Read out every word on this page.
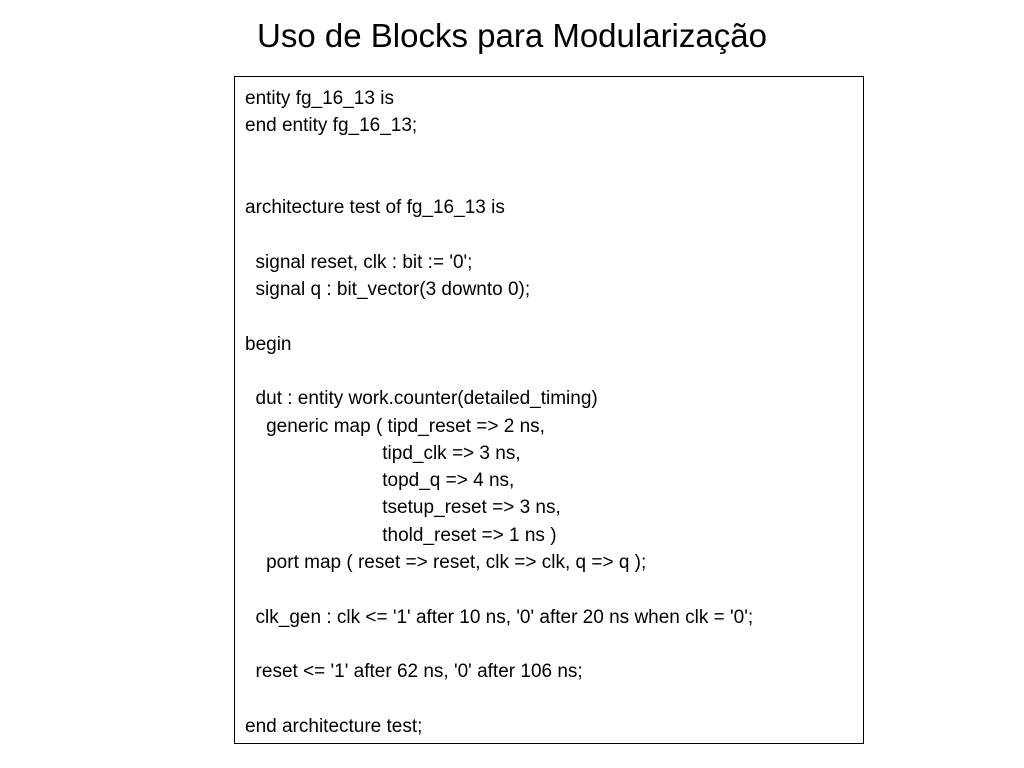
Uso de Blocks para Modularização
entity fg_16_13 is
end entity fg_16_13;
architecture test of fg_16_13 is
signal reset, clk : bit := '0';
signal q : bit_vector(3 downto 0);
begin
dut : entity work.counter(detailed_timing)
generic map ( tipd_reset => 2 ns,
tipd_clk => 3 ns,
topd_q => 4 ns,
tsetup_reset => 3 ns,
thold_reset => 1 ns )
port map ( reset => reset, clk => clk, q => q );
clk_gen : clk <= '1' after 10 ns, '0' after 20 ns when clk = '0';
reset <= '1' after 62 ns, '0' after 106 ns;
end architecture test;
